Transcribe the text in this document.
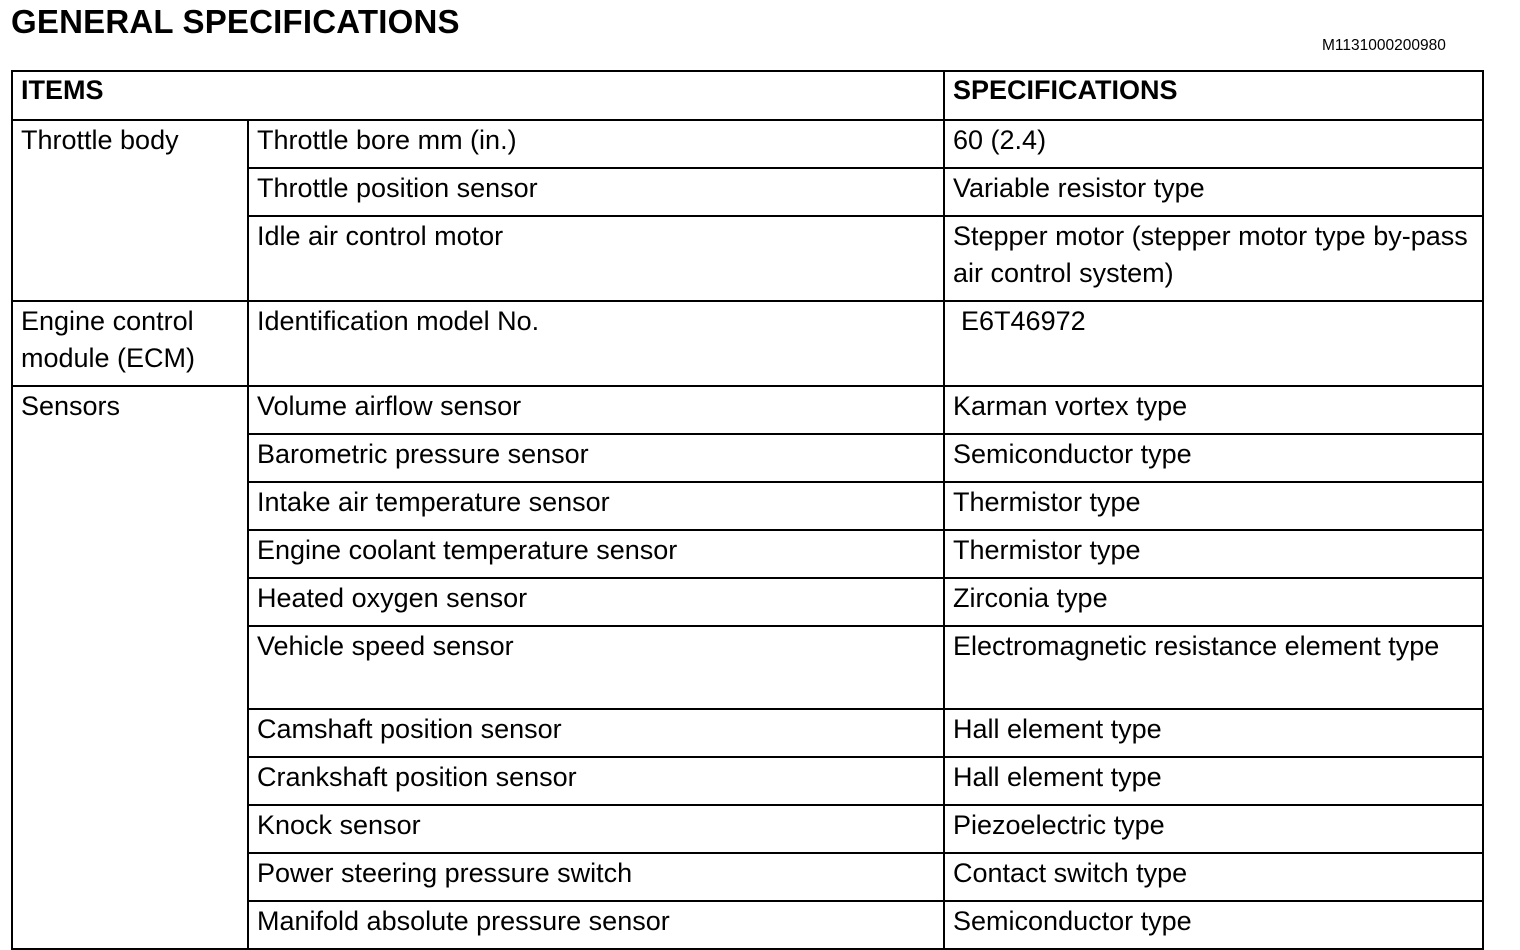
GENERAL SPECIFICATIONS
M1131000200980
ITEMS		SPECIFICATIONS
Throttle body	Throttle bore mm (in.)	60 (2.4)
	Throttle position sensor	Variable resistor type
	Idle air control motor	Stepper motor (stepper motor type by-pass air control system)
Engine control module (ECM)	Identification model No.	E6T46972
Sensors	Volume airflow sensor	Karman vortex type
	Barometric pressure sensor	Semiconductor type
	Intake air temperature sensor	Thermistor type
	Engine coolant temperature sensor	Thermistor type
	Heated oxygen sensor	Zirconia type
	Vehicle speed sensor	Electromagnetic resistance element type
	Camshaft position sensor	Hall element type
	Crankshaft position sensor	Hall element type
	Knock sensor	Piezoelectric type
	Power steering pressure switch	Contact switch type
	Manifold absolute pressure sensor	Semiconductor type
